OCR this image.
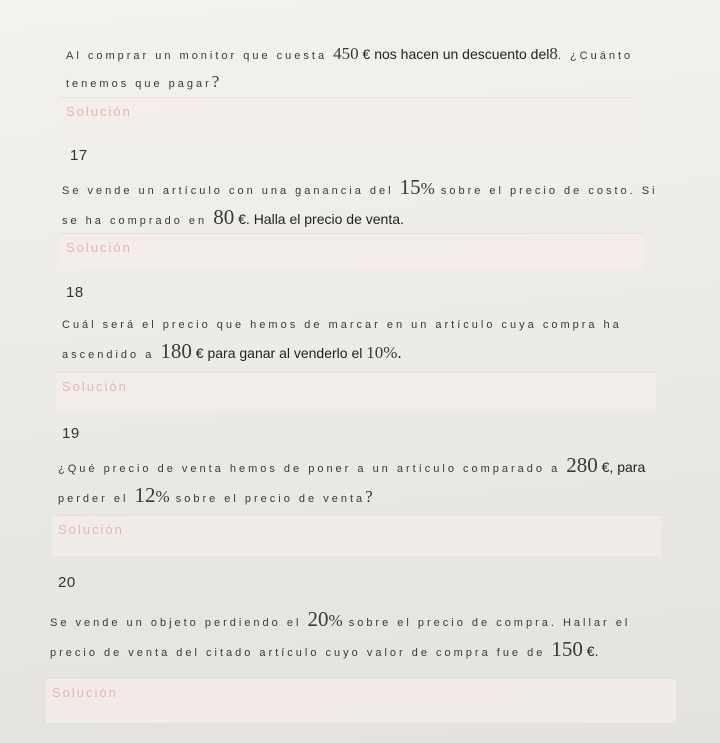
Al comprar un monitor que cuesta 450 € nos hacen un descuento del8. ¿Cuánto tenemos que pagar?
Solución
17
Se vende un artículo con una ganancia del 15% sobre el precio de costo. Si se ha comprado en 80 €. Halla el precio de venta.
Solución
18
Cuál será el precio que hemos de marcar en un artículo cuya compra ha ascendido a 180 € para ganar al venderlo el 10%.
Solución
19
¿Qué precio de venta hemos de poner a un artículo comparado a 280 €, para
perder el 12% sobre el precio de venta?
Solución
20
Se vende un objeto perdiendo el 20% sobre el precio de compra. Hallar el precio de venta del citado artículo cuyo valor de compra fue de 150 €.
Solución
